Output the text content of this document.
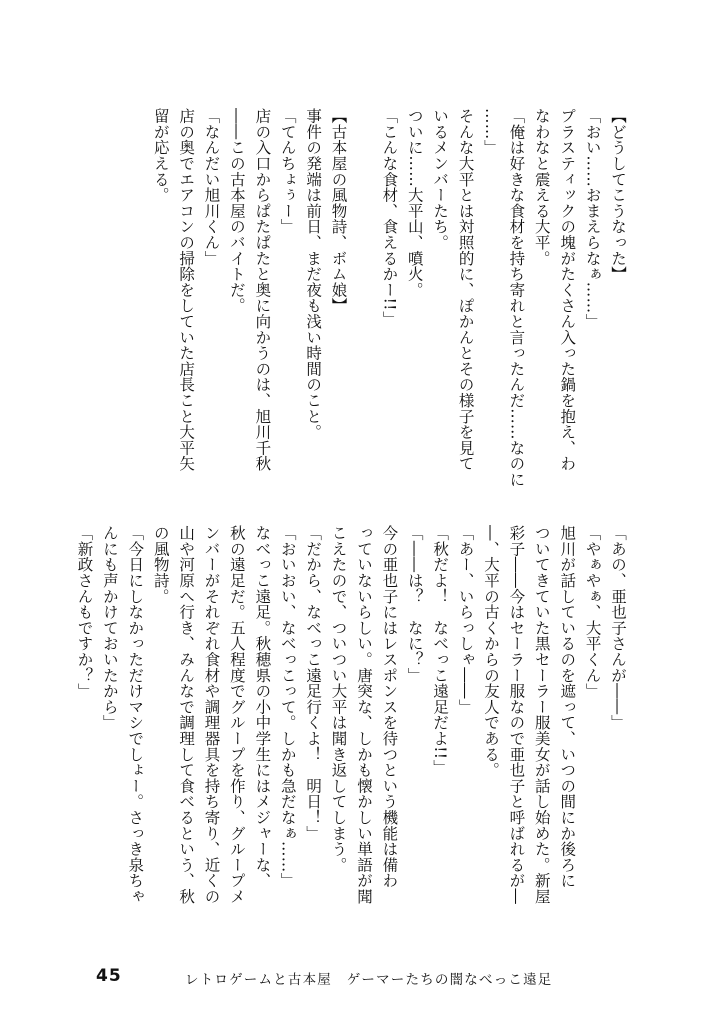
【どうしてこうなった】
「おい……おまえらなぁ……」
プラスティックの塊がたくさん入った鍋を抱え、わ
なわなと震える大平。
「俺は好きな食材を持ち寄れと言ったんだ……なのに
……」
そんな大平とは対照的に、ぽかんとその様子を見て
いるメンバーたち。
ついに……大平山、噴火。
「こんな食材、食えるかー!!」

【古本屋の風物詩、ボム娘】
事件の発端は前日、まだ夜も浅い時間のこと。
「てんちょぅー」
店の入口からぱたぱたと奥に向かうのは、旭川千秋
――この古本屋のバイトだ。
「なんだい旭川くん」
店の奥でエアコンの掃除をしていた店長こと大平矢
留が応える。
「あの、亜也子さんが――」
「やぁやぁ、大平くん」
旭川が話しているのを遮って、いつの間にか後ろに
ついてきていた黒セーラー服美女が話し始めた。新屋
彩子――今はセーラー服なので亜也子と呼ばれるが―
―、大平の古くからの友人である。
「あー、いらっしゃ――」
「秋だよ！　なべっこ遠足だよ!!」
「――は？　なに？」
今の亜也子にはレスポンスを待つという機能は備わ
っていないらしい。唐突な、しかも懐かしい単語が聞
こえたので、ついつい大平は聞き返してしまう。
「だから、なべっこ遠足行くよ！　明日！」
「おいおい、なべっこって。しかも急だなぁ……」
なべっこ遠足。秋穂県の小中学生にはメジャーな、
秋の遠足だ。五人程度でグループを作り、グループメ
ンバーがそれぞれ食材や調理器具を持ち寄り、近くの
山や河原へ行き、みんなで調理して食べるという、秋
の風物詩。
「今日にしなかっただけマシでしょー。さっき泉ちゃ
んにも声かけておいたから」
「新政さんもですか？」
45	レトロゲームと古本屋　ゲーマーたちの闇なべっこ遠足
